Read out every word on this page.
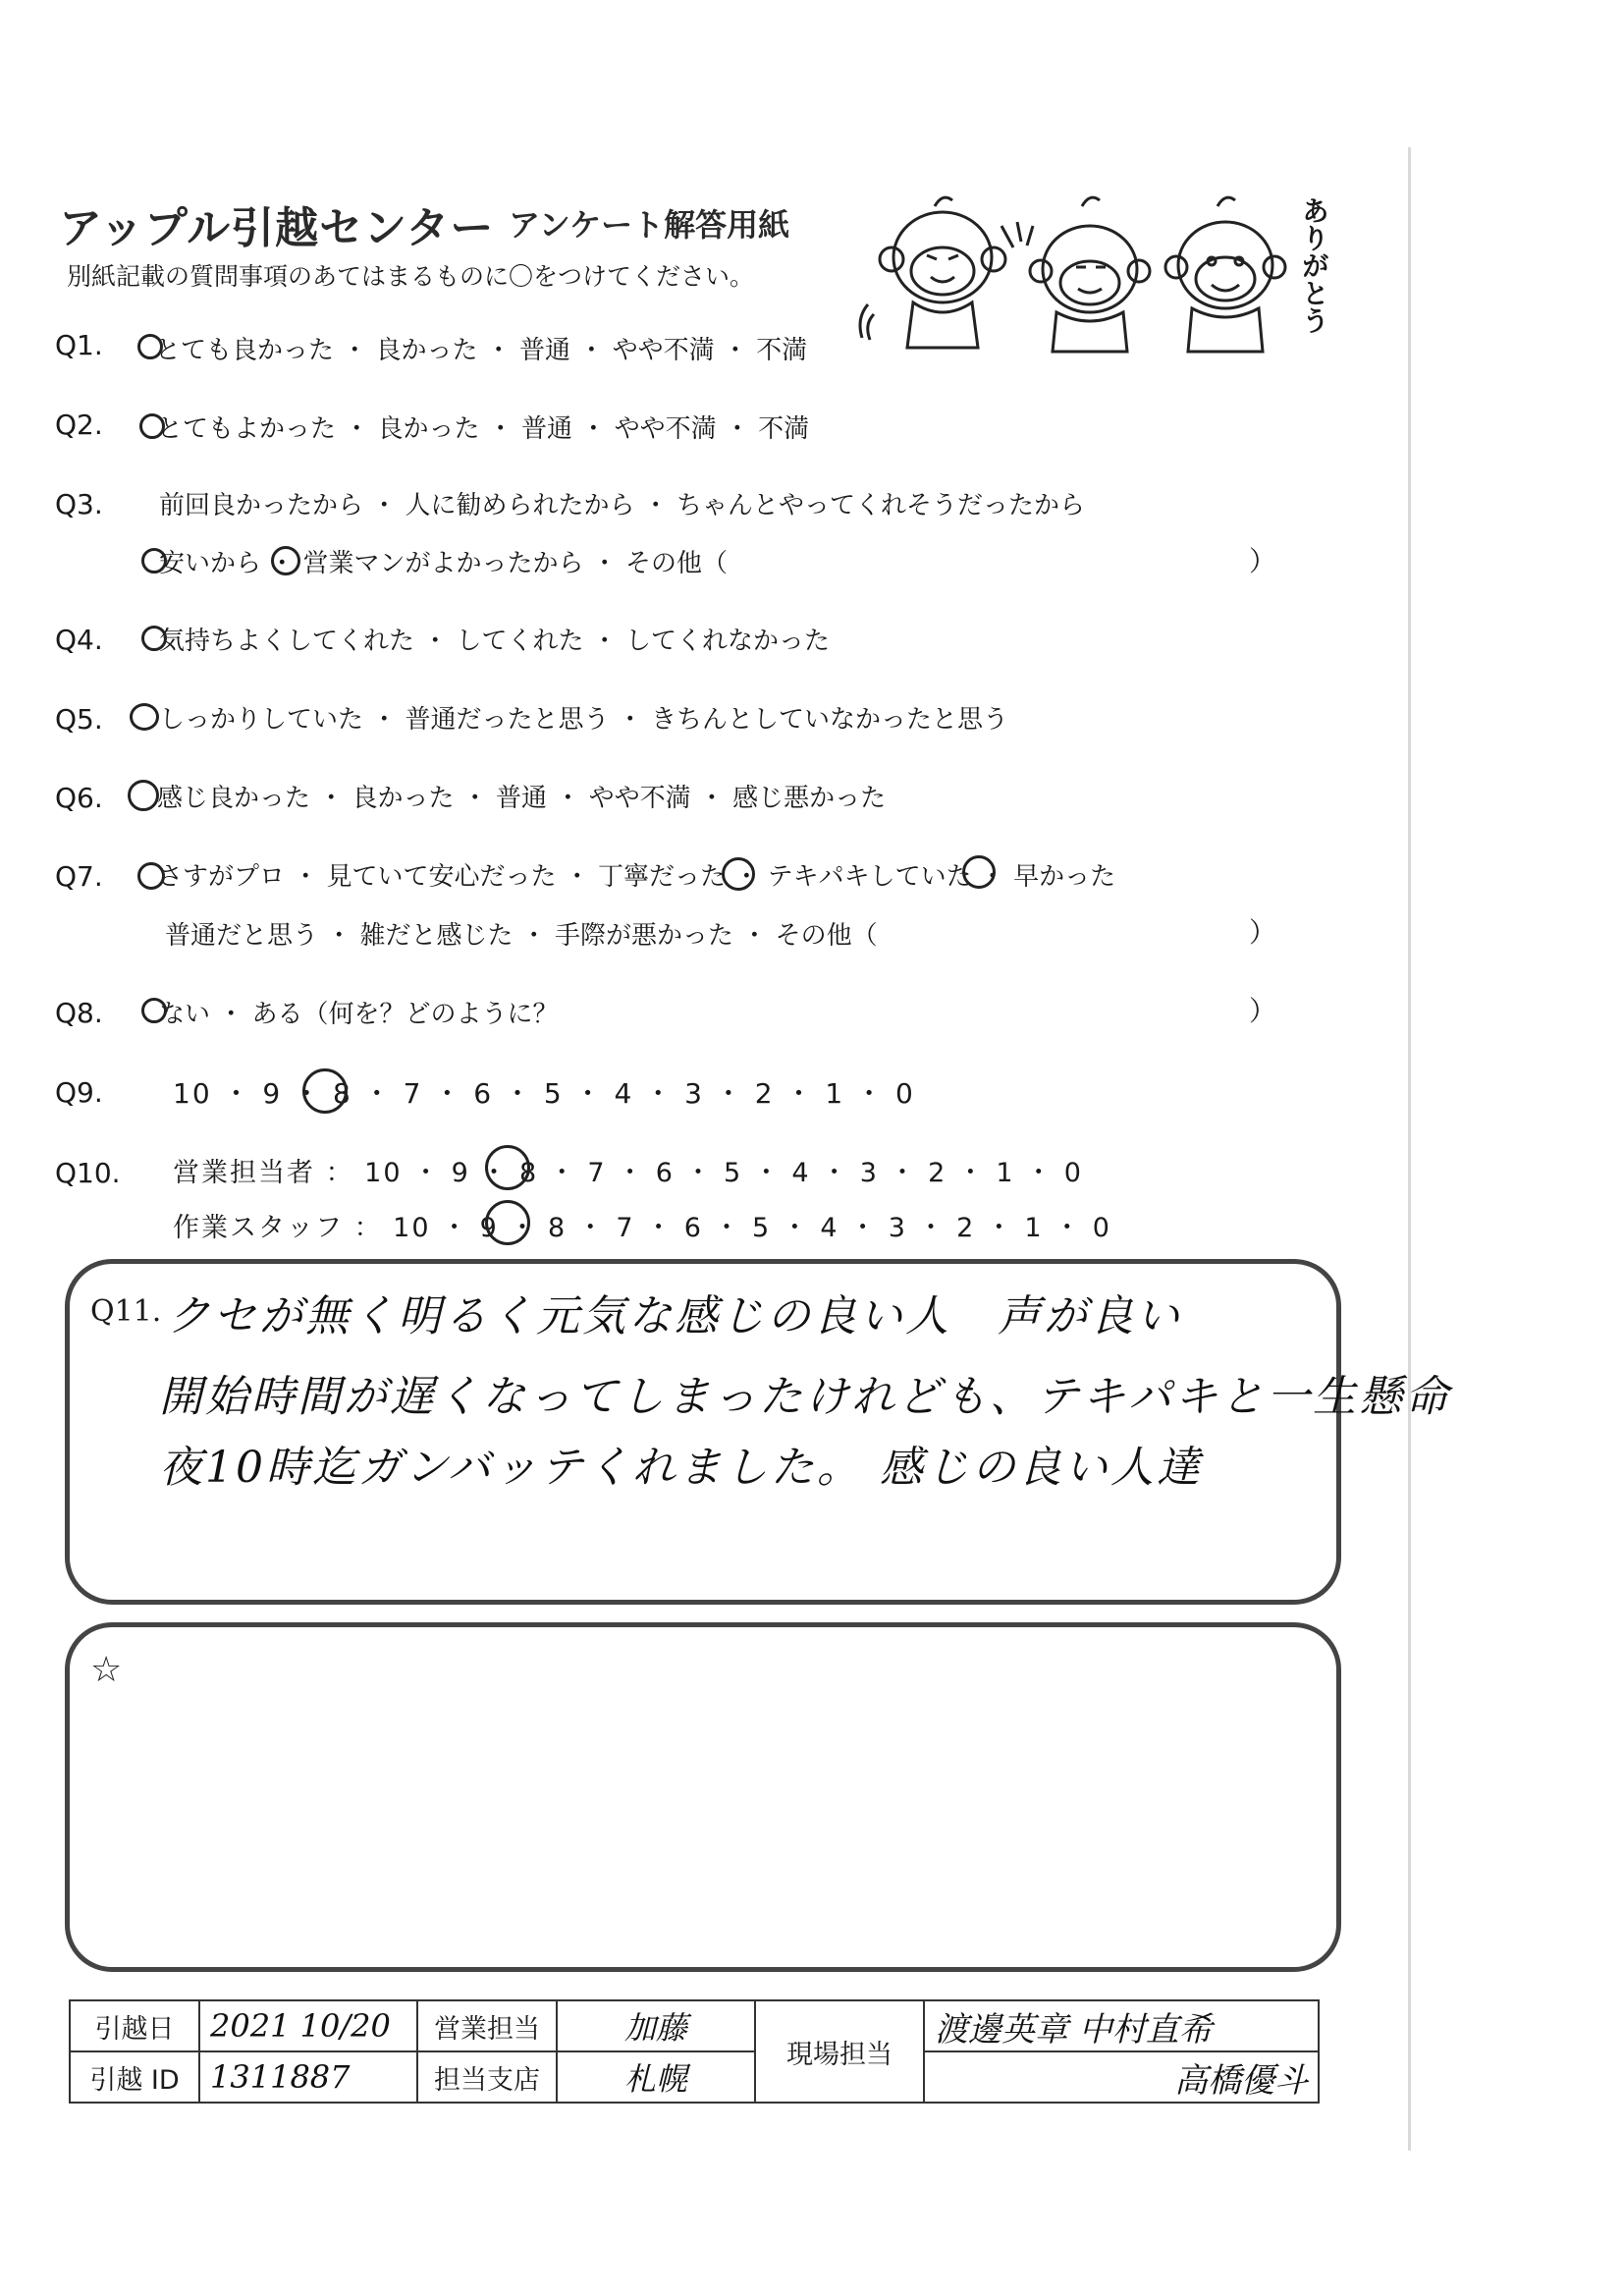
アップル引越センター アンケート解答用紙
別紙記載の質問事項のあてはまるものに〇をつけてください。	ありがとう
Q1. とても良かった ・ 良かった ・ 普通 ・ やや不満 ・ 不満
Q2. とてもよかった ・ 良かった ・ 普通 ・ やや不満 ・ 不満
Q3. 前回良かったから ・ 人に勧められたから ・ ちゃんとやってくれそうだったから
安いから ・ 営業マンがよかったから ・ その他（	）
Q4. 気持ちよくしてくれた ・ してくれた ・ してくれなかった
Q5. しっかりしていた ・ 普通だったと思う ・ きちんとしていなかったと思う
Q6. 感じ良かった ・ 良かった ・ 普通 ・ やや不満 ・ 感じ悪かった
Q7. さすがプロ ・ 見ていて安心だった ・ 丁寧だった ・ テキパキしていた ・ 早かった
普通だと思う ・ 雑だと感じた ・ 手際が悪かった ・ その他（	）
Q8. ない ・ ある（何を？どのように？	）
Q9.	10 ・ 9 ・ 8 ・ 7 ・ 6 ・ 5 ・ 4 ・ 3 ・ 2 ・ 1 ・ 0
Q10. 営業担当者 ： 10 ・ 9 ・ 8 ・ 7 ・ 6 ・ 5 ・ 4 ・ 3 ・ 2 ・ 1 ・ 0
作業スタッフ ： 10 ・ 9 ・ 8 ・ 7 ・ 6 ・ 5 ・ 4 ・ 3 ・ 2 ・ 1 ・ 0
Q11. クセが無く明るく元気な感じの良い人　声が良い
開始時間が遅くなってしまったけれども、テキパキと一生懸命
夜10時迄ガンバッテくれました。 感じの良い人達
☆
引越日	2021 10/20	営業担当	加藤	現場担当	渡邊英章 中村直希
引越 ID	1311887	担当支店	札幌		高橋優斗
